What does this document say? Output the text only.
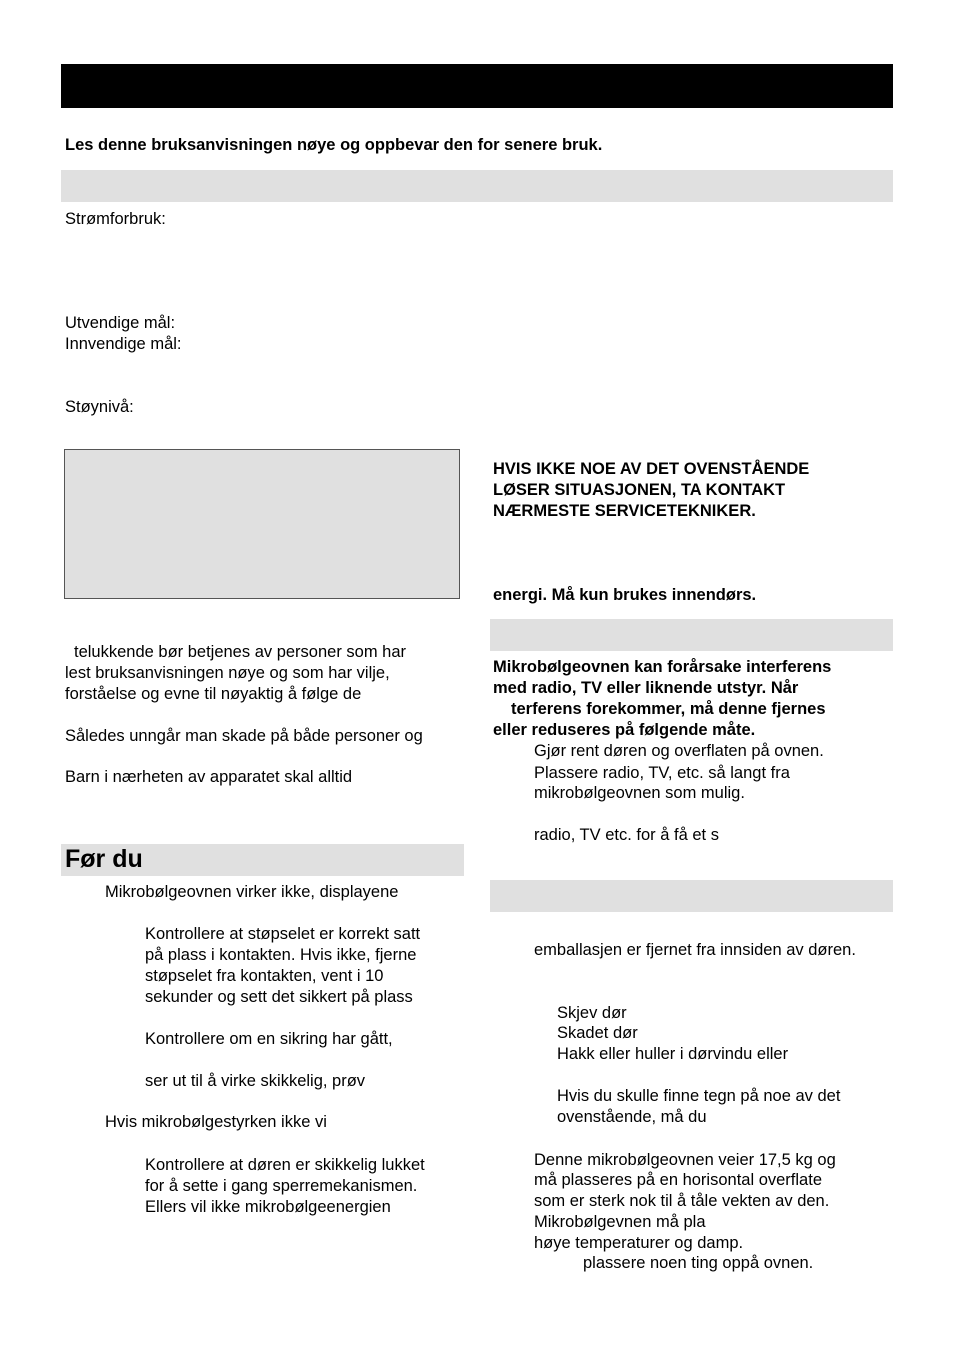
Les denne bruksanvisningen nøye og oppbevar den for senere bruk.
Strømforbruk:
Utvendige mål:
Innvendige mål:
Støynivå:
telukkende bør betjenes av personer som har
lest bruksanvisningen nøye og som har vilje,
forståelse og evne til nøyaktig å følge de
Således unngår man skade på både personer og
Barn i nærheten av apparatet skal alltid
Før du
Mikrobølgeovnen virker ikke, displayene
Kontrollere at støpselet er korrekt satt
på plass i kontakten. Hvis ikke, fjerne
støpselet fra kontakten, vent i 10
sekunder og sett det sikkert på plass
Kontrollere om en sikring har gått,
ser ut til å virke skikkelig, prøv
Hvis mikrobølgestyrken ikke vi
Kontrollere at døren er skikkelig lukket
for å sette i gang sperremekanismen.
Ellers vil ikke mikrobølgeenergien
HVIS IKKE NOE AV DET OVENSTÅENDE
LØSER SITUASJONEN, TA KONTAKT
NÆRMESTE SERVICETEKNIKER.
energi. Må kun brukes innendørs.
Mikrobølgeovnen kan forårsake interferens
med radio, TV eller liknende utstyr. Når
terferens forekommer, må denne fjernes
eller reduseres på følgende måte.
Gjør rent døren og overflaten på ovnen.
Plassere radio, TV, etc. så langt fra
mikrobølgeovnen som mulig.
radio, TV etc. for å få et s
emballasjen er fjernet fra innsiden av døren.
Skjev dør
Skadet dør
Hakk eller huller i dørvindu eller
Hvis du skulle finne tegn på noe av det
ovenstående, må du
Denne mikrobølgeovnen veier 17,5 kg og
må plasseres på en horisontal overflate
som er sterk nok til å tåle vekten av den.
Mikrobølgevnen må pla
høye temperaturer og damp.
plassere noen ting oppå ovnen.
